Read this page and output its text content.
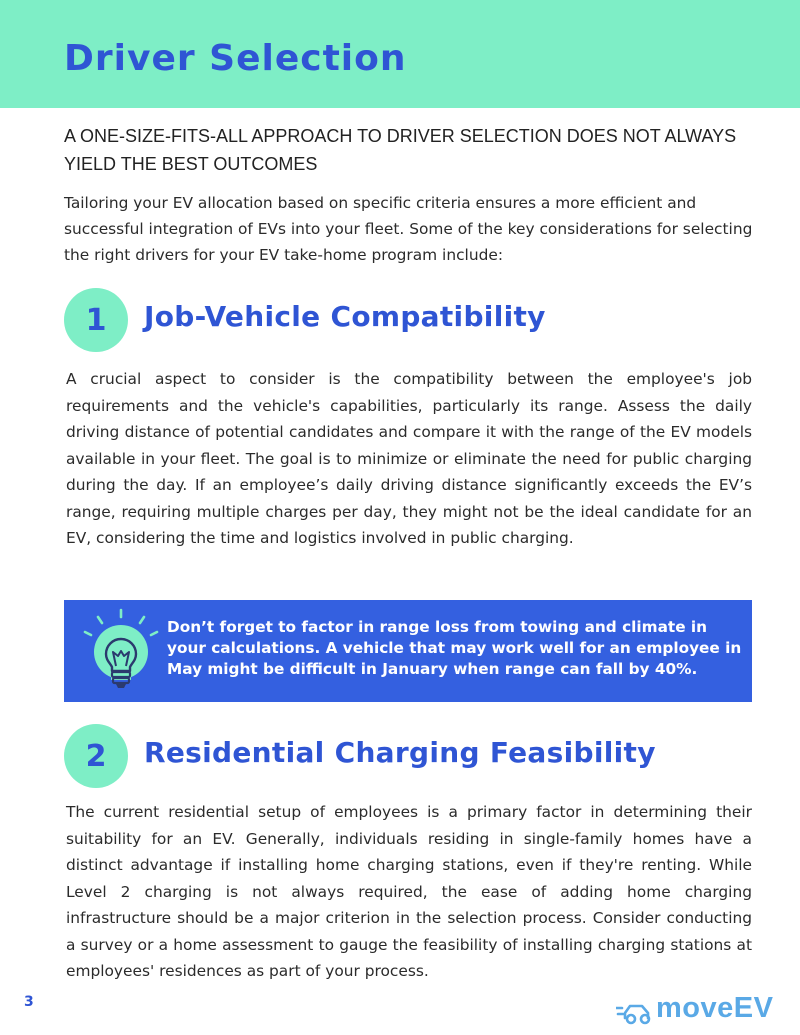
Driver Selection

A ONE-SIZE-FITS-ALL APPROACH TO DRIVER SELECTION DOES NOT ALWAYS YIELD THE BEST OUTCOMES

Tailoring your EV allocation based on specific criteria ensures a more efficient and successful integration of EVs into your fleet. Some of the key considerations for selecting the right drivers for your EV take-home program include:

1	Job-Vehicle Compatibility

A crucial aspect to consider is the compatibility between the employee's job requirements and the vehicle's capabilities, particularly its range. Assess the daily driving distance of potential candidates and compare it with the range of the EV models available in your fleet. The goal is to minimize or eliminate the need for public charging during the day. If an employee’s daily driving distance significantly exceeds the EV’s range, requiring multiple charges per day, they might not be the ideal candidate for an EV, considering the time and logistics involved in public charging.

Don’t forget to factor in range loss from towing and climate in your calculations. A vehicle that may work well for an employee in May might be difficult in January when range can fall by 40%.

2	Residential Charging Feasibility

The current residential setup of employees is a primary factor in determining their suitability for an EV. Generally, individuals residing in single-family homes have a distinct advantage if installing home charging stations, even if they're renting. While Level 2 charging is not always required, the ease of adding home charging infrastructure should be a major criterion in the selection process. Consider conducting a survey or a home assessment to gauge the feasibility of installing charging stations at employees' residences as part of your process.

3	moveEV
